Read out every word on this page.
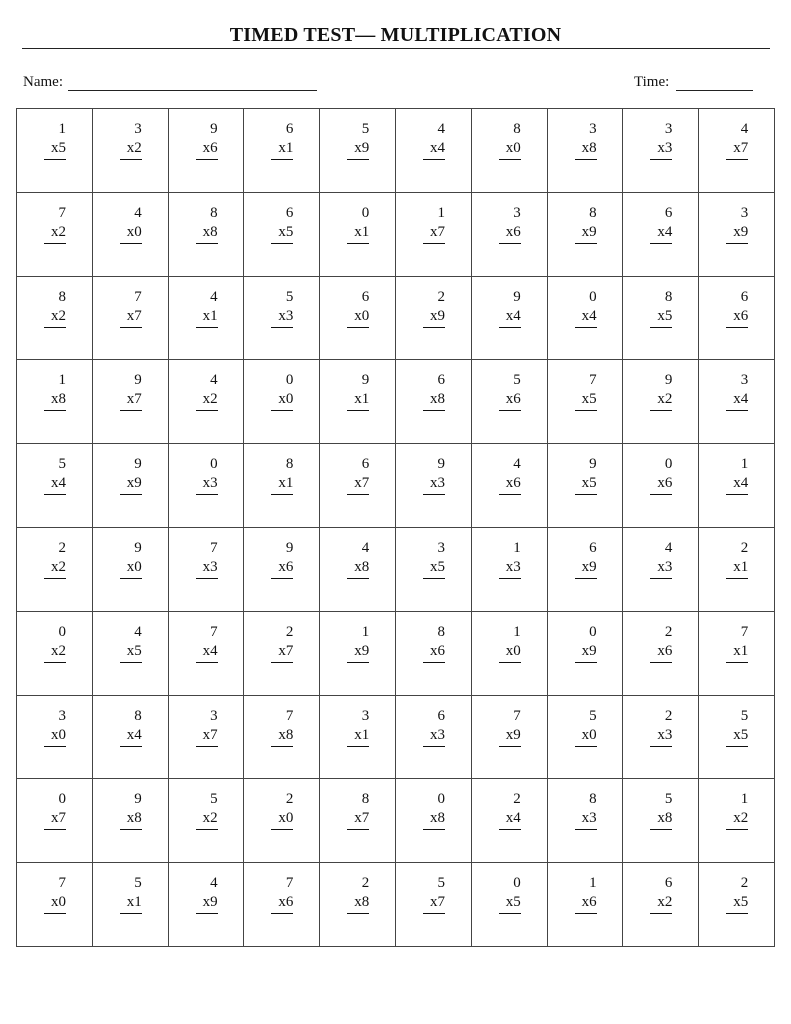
TIMED TEST— MULTIPLICATION
Name:	Time:
1
x5
3
x2
9
x6
6
x1
5
x9
4
x4
8
x0
3
x8
3
x3
4
x7
7
x2
4
x0
8
x8
6
x5
0
x1
1
x7
3
x6
8
x9
6
x4
3
x9
8
x2
7
x7
4
x1
5
x3
6
x0
2
x9
9
x4
0
x4
8
x5
6
x6
1
x8
9
x7
4
x2
0
x0
9
x1
6
x8
5
x6
7
x5
9
x2
3
x4
5
x4
9
x9
0
x3
8
x1
6
x7
9
x3
4
x6
9
x5
0
x6
1
x4
2
x2
9
x0
7
x3
9
x6
4
x8
3
x5
1
x3
6
x9
4
x3
2
x1
0
x2
4
x5
7
x4
2
x7
1
x9
8
x6
1
x0
0
x9
2
x6
7
x1
3
x0
8
x4
3
x7
7
x8
3
x1
6
x3
7
x9
5
x0
2
x3
5
x5
0
x7
9
x8
5
x2
2
x0
8
x7
0
x8
2
x4
8
x3
5
x8
1
x2
7
x0
5
x1
4
x9
7
x6
2
x8
5
x7
0
x5
1
x6
6
x2
2
x5
